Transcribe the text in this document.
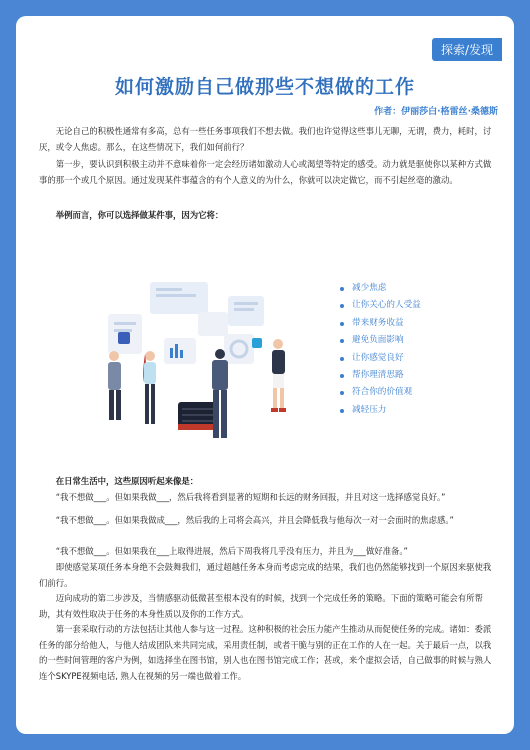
探索/发现
如何激励自己做那些不想做的工作
作者：伊丽莎白·格雷丝·桑德斯

无论自己的积极性通常有多高，总有一些任务事项我们不想去做。我们也许觉得这些事儿无聊，无谓，费力，耗时，讨厌，或令人焦虑。那么，在这些情况下，我们如何前行？

第一步，要认识到积极主动并不意味着你一定会经历诸如激动人心或渴望等特定的感受。动力就是驱使你以某种方式做事的那一个或几个原因。通过发现某件事蕴含的有个人意义的为什么，你就可以决定做它，而不引起丝毫的激动。

举例而言，你可以选择做某件事，因为它将：

减少焦虑
让你关心的人受益
带来财务收益
避免负面影响
让你感觉良好
帮你理清思路
符合你的价值观
减轻压力

在日常生活中，这些原因听起来像是：

“我不想做___。但如果我做___，然后我将看到显著的短期和长远的财务回报，并且对这一选择感觉良好。”

“我不想做___。但如果我做成___，然后我的上司将会高兴，并且会降低我与他每次一对一会面时的焦虑感。”

“我不想做___。但如果我在___上取得进展，然后下周我将几乎没有压力，并且为___做好准备。”

即使感觉某项任务本身绝不会鼓舞我们，通过超越任务本身而考虑完成的结果，我们也仍然能够找到一个原因来驱使我们前行。

迈向成功的第二步涉及，当情感驱动低微甚至根本没有的时候，找到一个完成任务的策略。下面的策略可能会有所帮助，其有效性取决于任务的本身性质以及你的工作方式。

第一套采取行动的方法包括让其他人参与这一过程。这种积极的社会压力能产生推动从而促使任务的完成。诸如：委派任务的部分给他人，与他人结成团队来共同完成，采用责任制，或者干脆与别的正在工作的人在一起。关于最后一点，以我的一些时间管理的客户为例，如选择坐在图书馆，别人也在图书馆完成工作；甚或，来个虚拟会话，自己做事的时候与熟人连个SKYPE视频电话, 熟人在视频的另一端也做着工作。
